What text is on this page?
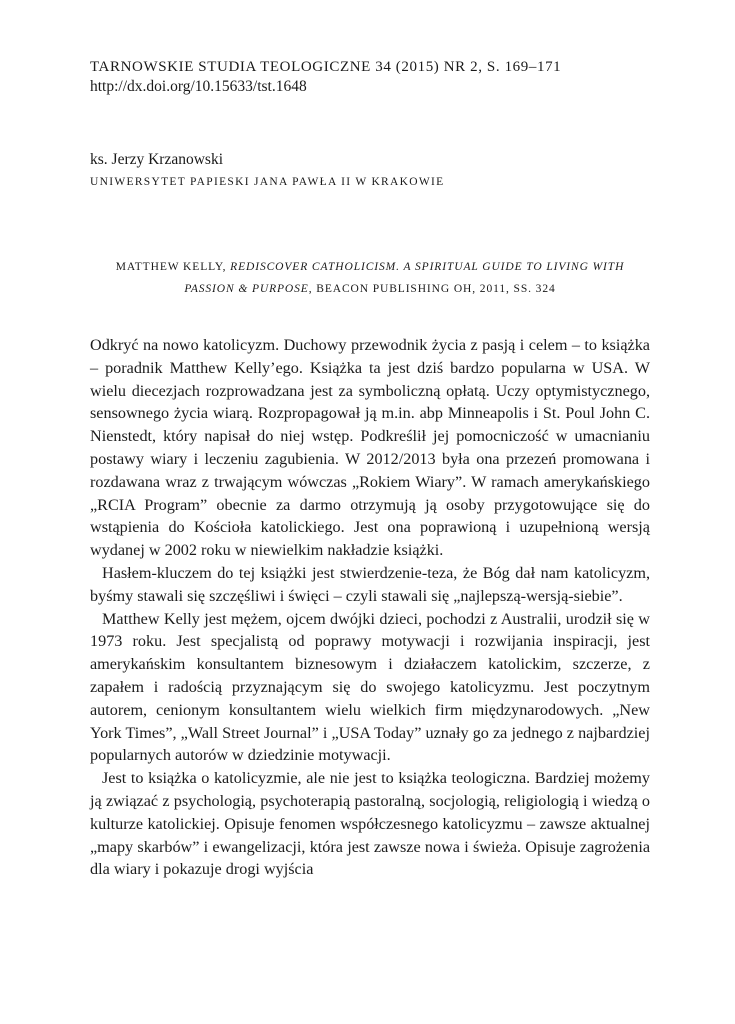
TARNOWSKIE STUDIA TEOLOGICZNE 34 (2015) NR 2, S. 169–171

http://dx.doi.org/10.15633/tst.1648

ks. Jerzy Krzanowski
UNIWERSYTET PAPIESKI JANA PAWŁA II W KRAKOWIE
MATTHEW KELLY, REDISCOVER CATHOLICISM. A SPIRITUAL GUIDE TO LIVING WITH
PASSION & PURPOSE, BEACON PUBLISHING OH, 2011, SS. 324

Odkryć na nowo katolicyzm. Duchowy przewodnik życia z pasją i celem – to książka – poradnik Matthew Kelly’ego. Książka ta jest dziś bardzo popularna w USA. W wielu diecezjach rozprowadzana jest za symboliczną opłatą. Uczy optymistycznego, sensownego życia wiarą. Rozpropagował ją m.in. abp Minneapolis i St. Poul John C. Nienstedt, który napisał do niej wstęp. Podkreślił jej pomocniczość w umacnianiu postawy wiary i leczeniu zagubienia. W 2012/2013 była ona przezeń promowana i rozdawana wraz z trwającym wówczas „Rokiem Wiary”. W ramach amerykańskiego „RCIA Program” obecnie za darmo otrzymują ją osoby przygotowujące się do wstąpienia do Kościoła katolickiego. Jest ona poprawioną i uzupełnioną wersją wydanej w 2002 roku w niewielkim nakładzie książki.

Hasłem-kluczem do tej książki jest stwierdzenie-teza, że Bóg dał nam katolicyzm, byśmy stawali się szczęśliwi i święci – czyli stawali się „najlepszą-wersją-siebie”.

Matthew Kelly jest mężem, ojcem dwójki dzieci, pochodzi z Australii, urodził się w 1973 roku. Jest specjalistą od poprawy motywacji i rozwijania inspiracji, jest amerykańskim konsultantem biznesowym i działaczem katolickim, szczerze, z zapałem i radością przyznającym się do swojego katolicyzmu. Jest poczytnym autorem, cenionym konsultantem wielu wielkich firm międzynarodowych. „New York Times”, „Wall Street Journal” i „USA Today” uznały go za jednego z najbardziej popularnych autorów w dziedzinie motywacji.

Jest to książka o katolicyzmie, ale nie jest to książka teologiczna. Bardziej możemy ją związać z psychologią, psychoterapią pastoralną, socjologią, religiologią i wiedzą o kulturze katolickiej. Opisuje fenomen współczesnego katolicyzmu – zawsze aktualnej „mapy skarbów” i ewangelizacji, która jest zawsze nowa i świeża. Opisuje zagrożenia dla wiary i pokazuje drogi wyjścia
